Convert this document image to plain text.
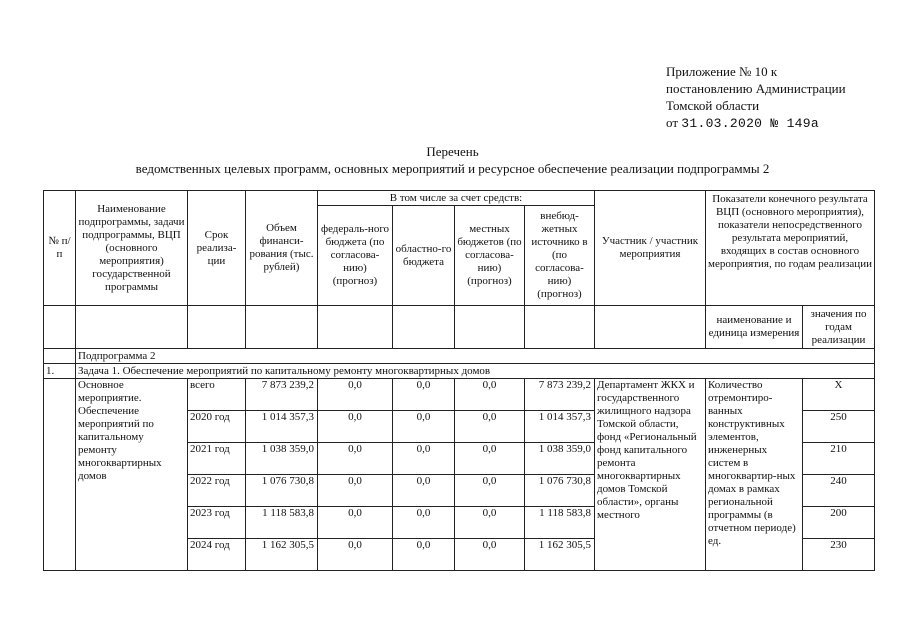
Приложение № 10 к
постановлению Администрации
Томской области
от 31.03.2020 № 149а
Перечень
ведомственных целевых программ, основных мероприятий и ресурсное обеспечение реализации подпрограммы 2
№ п/п	Наименование подпрограммы, задачи подпрограммы, ВЦП (основного мероприятия) государственной программы	Срок реализа-ции	Объем финанси-рования (тыс. рублей)	В том числе за счет средств:				Участник / участник мероприятия	Показатели конечного результата ВЦП (основного мероприятия), показатели непосредственного результата мероприятий, входящих в состав основного мероприятия, по годам реализации	
				федераль-ного бюджета (по согласова-нию) (прогноз)	областно-го бюджета	местных бюджетов (по согласова-нию) (прогноз)	внебюд-жетных источнико в (по согласова-нию) (прогноз)			
									наименование и единица измерения	значения по годам реализации
	Подпрограмма 2									
1.	Задача 1. Обеспечение мероприятий по капитальному ремонту многоквартирных домов									
	Основное мероприятие. Обеспечение мероприятий по капитальному ремонту многоквартирных домов	всего	7 873 239,2	0,0	0,0	0,0	7 873 239,2	Департамент ЖКХ и государственного жилищного надзора Томской области, фонд «Региональный фонд капитального ремонта многоквартирных домов Томской области», органы местного	Количество отремонтиро-ванных конструктивных элементов, инженерных систем в многоквартир-ных домах в рамках региональной программы (в отчетном периоде) ед.	Х
		2020 год	1 014 357,3	0,0	0,0	0,0	1 014 357,3			250
		2021 год	1 038 359,0	0,0	0,0	0,0	1 038 359,0			210
		2022 год	1 076 730,8	0,0	0,0	0,0	1 076 730,8			240
		2023 год	1 118 583,8	0,0	0,0	0,0	1 118 583,8			200
		2024 год	1 162 305,5	0,0	0,0	0,0	1 162 305,5			230
